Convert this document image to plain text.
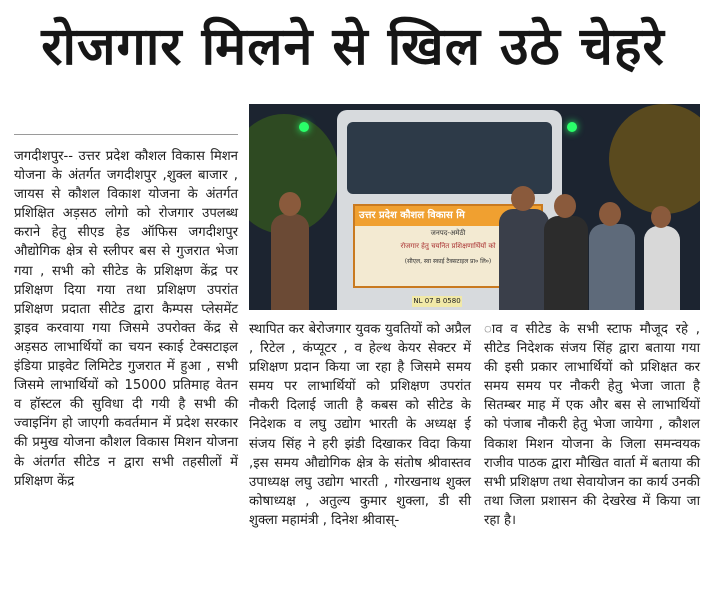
रोजगार मिलने से खिल उठे चेहरे

जगदीशपुर-- उत्तर प्रदेश कौशल विकास मिशन योजना के अंतर्गत जगदीशपुर ,शुक्ल बाजार , जायस से कौशल विकाश योजना के अंतर्गत प्रशिक्षित अड़सठ लोगो को रोजगार उपलब्ध कराने हेतु सीएड हेड ऑफिस जगदीशपुर औद्योगिक क्षेत्र से स्लीपर बस से गुजरात भेजा गया , सभी को सीटेड के प्रशिक्षण केंद्र पर प्रशिक्षण दिया गया तथा प्रशिक्षण उपरांत प्रशिक्षण प्रदाता सीटेड द्वारा कैम्पस प्लेसमेंट ड्राइव करवाया गया जिसमे उपरोक्त केंद्र से अड़सठ लाभार्थियों का चयन स्काई टेक्सटाइल इंडिया प्राइवेट लिमिटेड गुजरात में हुआ , सभी जिसमे लाभार्थियों को 15000 प्रतिमाह वेतन व हॉस्टल की सुविधा दी गयी है सभी की ज्वाइनिंग हो जाएगी कवर्तमान में प्रदेश सरकार की प्रमुख योजना कौशल विकास मिशन योजना के अंतर्गत सीटेड न द्वारा सभी तहसीलों में प्रशिक्षण केंद्र

उत्तर प्रदेश कौशल विकास मि
जनपद-अमेठी
रोजगार हेतु चयनित प्रशिक्षणार्थियों को
(सीएल, स्वा स्काई टैक्सटाइल प्रा० लि०)
NL 07 B 0580

स्थापित कर बेरोजगार युवक युवतियों को अप्रैल , रिटेल , कंप्यूटर , व हेल्थ केयर सेक्टर में प्रशिक्षण प्रदान किया जा रहा है जिसमे समय समय पर लाभार्थियों को प्रशिक्षण उपरांत नौकरी दिलाई जाती है कबस को सीटेड के निदेशक व लघु उद्योग भारती के अध्यक्ष ई संजय सिंह ने हरी झंडी दिखाकर विदा किया ,इस समय औद्योगिक क्षेत्र के संतोष श्रीवास्तव उपाध्यक्ष लघु उद्योग भारती , गोरखनाथ शुक्ल कोषाध्यक्ष , अतुल्य कुमार शुक्ला, डी सी शुक्ला महामंत्री , दिनेश श्रीवास्-

ाव व सीटेड के सभी स्टाफ मौजूद रहे , सीटेड निदेशक संजय सिंह द्वारा बताया गया की इसी प्रकार लाभार्थियों को प्रशिक्षत कर समय समय पर नौकरी हेतु भेजा जाता है सितम्बर माह में एक और बस से लाभार्थियों को पंजाब नौकरी हेतु भेजा जायेगा , कौशल विकाश मिशन योजना के जिला समन्वयक राजीव पाठक द्वारा मौखित वार्ता में बताया की सभी प्रशिक्षण तथा सेवायोजन का कार्य उनकी तथा जिला प्रशासन की देखरेख में किया जा रहा है।
